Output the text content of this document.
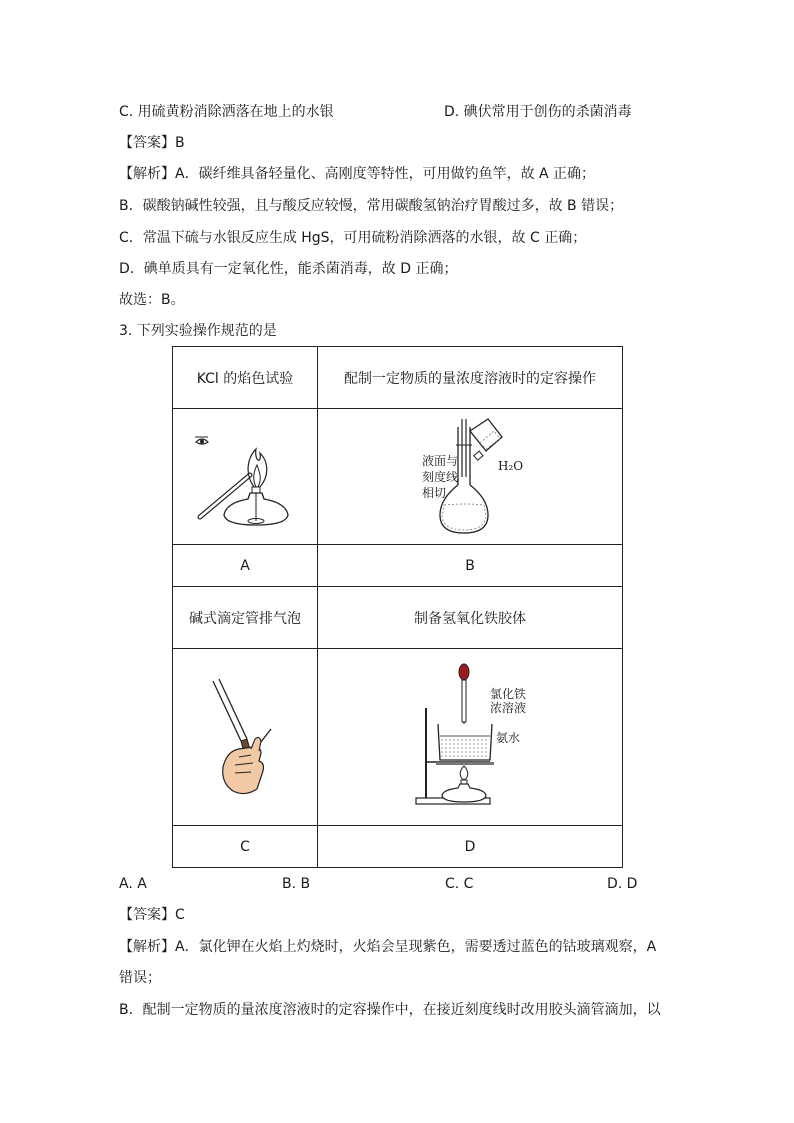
C. 用硫黄粉消除洒落在地上的水银	D. 碘伏常用于创伤的杀菌消毒
【答案】B
【解析】A．碳纤维具备轻量化、高刚度等特性，可用做钓鱼竿，故 A 正确；
B．碳酸钠碱性较强，且与酸反应较慢，常用碳酸氢钠治疗胃酸过多，故 B 错误；
C．常温下硫与水银反应生成 HgS，可用硫粉消除洒落的水银，故 C 正确；
D．碘单质具有一定氧化性，能杀菌消毒，故 D 正确；
故选：B。
3. 下列实验操作规范的是
KCl 的焰色试验	配制一定物质的量浓度溶液时的定容操作

液面与
刻度线
相切
H₂O

A	B
碱式滴定管排气泡	制备氢氧化铁胶体

氯化铁
浓溶液
氨水

C	D
A. A	B. B	C. C	D. D
【答案】C
【解析】A．氯化钾在火焰上灼烧时，火焰会呈现紫色，需要透过蓝色的钴玻璃观察，A
错误；
B．配制一定物质的量浓度溶液时的定容操作中，在接近刻度线时改用胶头滴管滴加，以
